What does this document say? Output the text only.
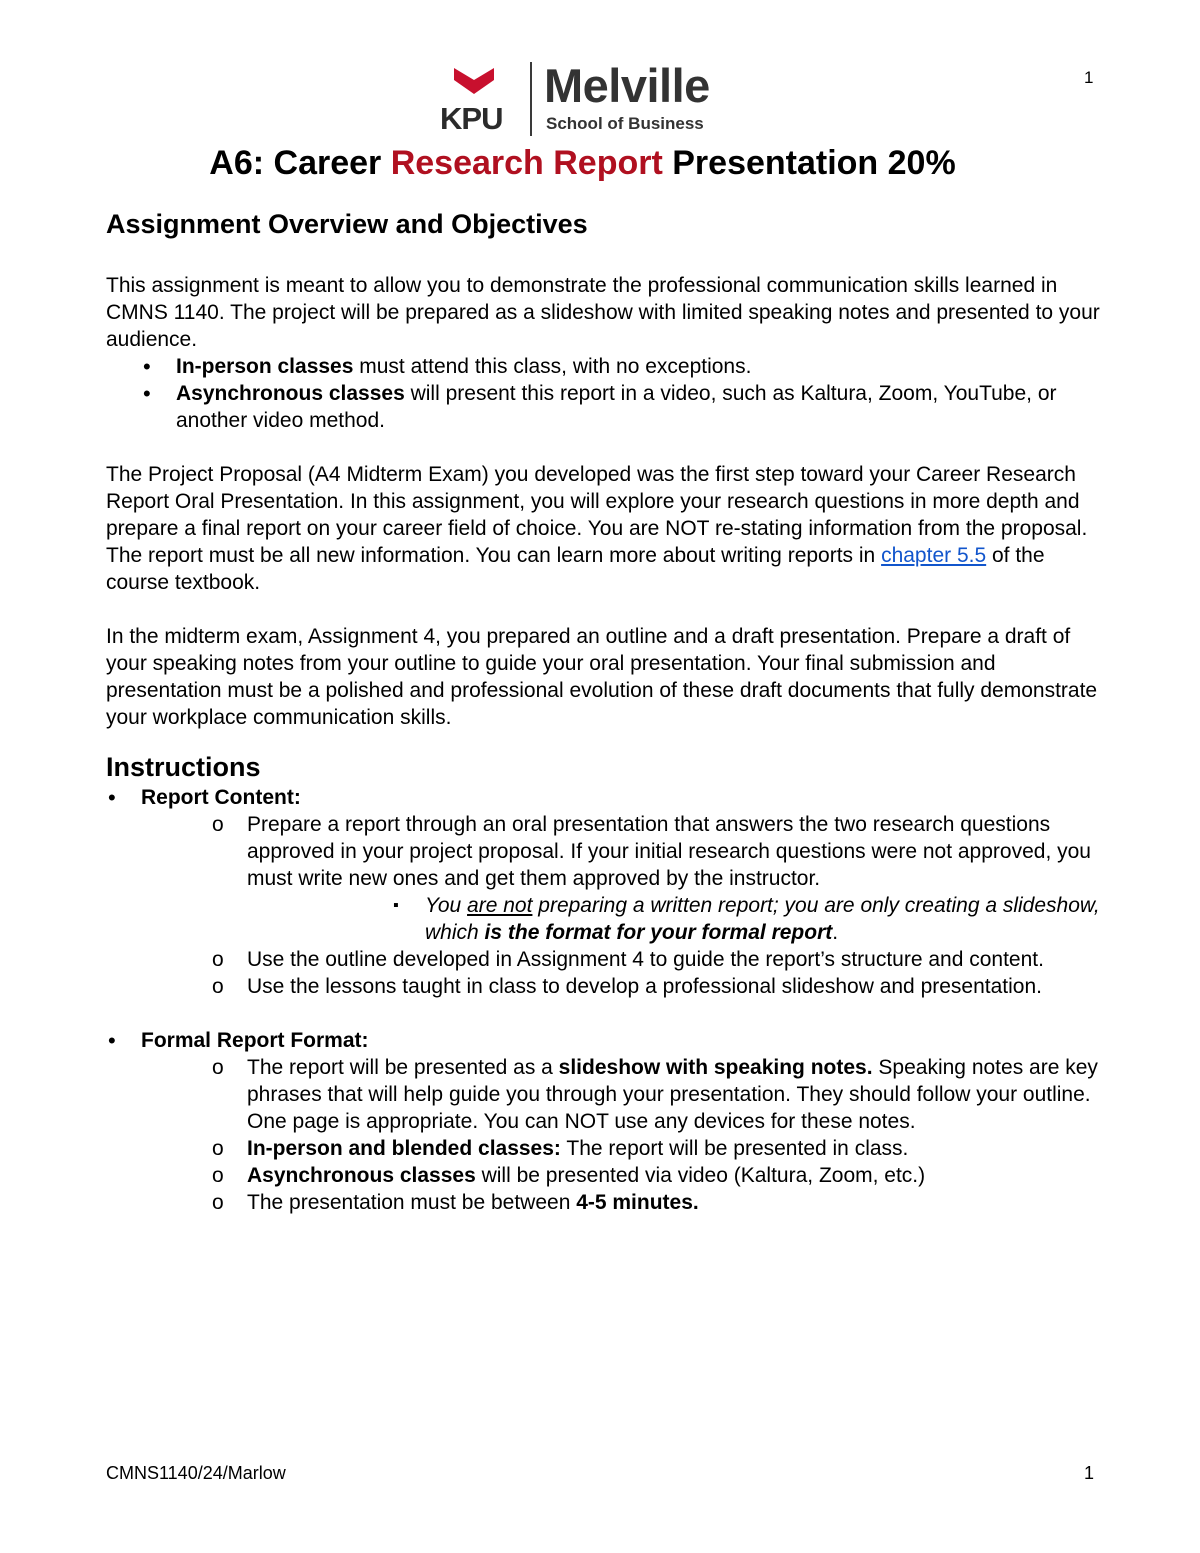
1
KPU
Melville
School of Business
A6: Career Research Report Presentation 20%
Assignment Overview and Objectives

This assignment is meant to allow you to demonstrate the professional communication skills learned in CMNS 1140. The project will be prepared as a slideshow with limited speaking notes and presented to your audience.

• In-person classes must attend this class, with no exceptions.
• Asynchronous classes will present this report in a video, such as Kaltura, Zoom, YouTube, or another video method.

The Project Proposal (A4 Midterm Exam) you developed was the first step toward your Career Research Report Oral Presentation. In this assignment, you will explore your research questions in more depth and prepare a final report on your career field of choice. You are NOT re-stating information from the proposal. The report must be all new information. You can learn more about writing reports in chapter 5.5 of the course textbook.

In the midterm exam, Assignment 4, you prepared an outline and a draft presentation. Prepare a draft of your speaking notes from your outline to guide your oral presentation. Your final submission and presentation must be a polished and professional evolution of these draft documents that fully demonstrate your workplace communication skills.

Instructions
• Report Content:
o Prepare a report through an oral presentation that answers the two research questions approved in your project proposal. If your initial research questions were not approved, you must write new ones and get them approved by the instructor.
▪ You are not preparing a written report; you are only creating a slideshow, which is the format for your formal report.
o Use the outline developed in Assignment 4 to guide the report’s structure and content.
o Use the lessons taught in class to develop a professional slideshow and presentation.
• Formal Report Format:
o The report will be presented as a slideshow with speaking notes. Speaking notes are key phrases that will help guide you through your presentation. They should follow your outline. One page is appropriate. You can NOT use any devices for these notes.
o In-person and blended classes: The report will be presented in class.
o Asynchronous classes will be presented via video (Kaltura, Zoom, etc.)
o The presentation must be between 4-5 minutes.
CMNS1140/24/Marlow	1
